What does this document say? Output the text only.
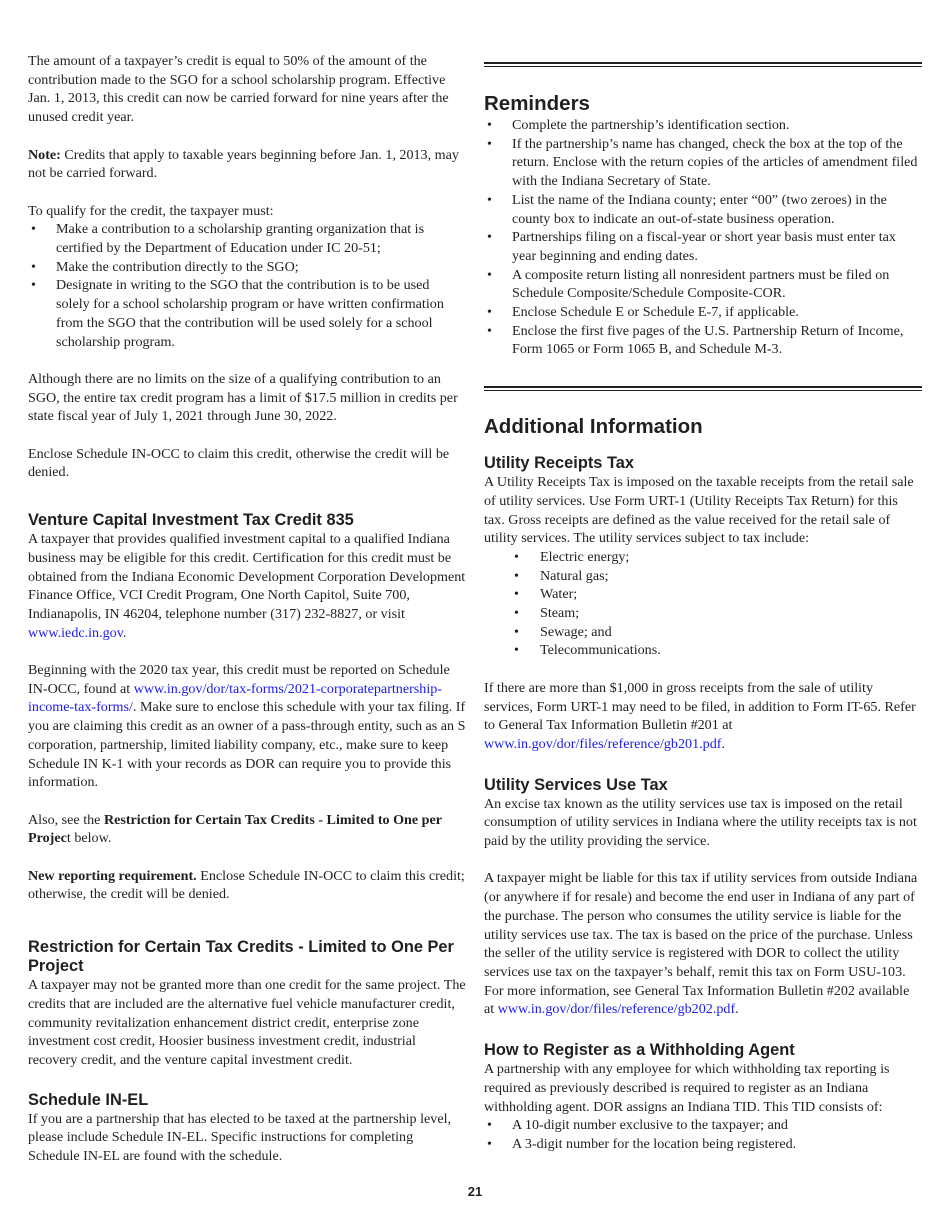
The amount of a taxpayer’s credit is equal to 50% of the amount of the contribution made to the SGO for a school scholarship program. Effective Jan. 1, 2013, this credit can now be carried forward for nine years after the unused credit year.

Note: Credits that apply to taxable years beginning before Jan. 1, 2013, may not be carried forward.

To qualify for the credit, the taxpayer must:

• Make a contribution to a scholarship granting organization that is certified by the Department of Education under IC 20-51;
• Make the contribution directly to the SGO;
• Designate in writing to the SGO that the contribution is to be used solely for a school scholarship program or have written confirmation from the SGO that the contribution will be used solely for a school scholarship program.

Although there are no limits on the size of a qualifying contribution to an SGO, the entire tax credit program has a limit of $17.5 million in credits per state fiscal year of July 1, 2021 through June 30, 2022.

Enclose Schedule IN-OCC to claim this credit, otherwise the credit will be denied.

Venture Capital Investment Tax Credit 835

A taxpayer that provides qualified investment capital to a qualified Indiana business may be eligible for this credit. Certification for this credit must be obtained from the Indiana Economic Development Corporation Development Finance Office, VCI Credit Program, One North Capitol, Suite 700, Indianapolis, IN 46204, telephone number (317) 232-8827, or visit www.iedc.in.gov.

Beginning with the 2020 tax year, this credit must be reported on Schedule IN-OCC, found at www.in.gov/dor/tax-forms/2021-corporatepartnership-income-tax-forms/. Make sure to enclose this schedule with your tax filing. If you are claiming this credit as an owner of a pass-through entity, such as an S corporation, partnership, limited liability company, etc., make sure to keep Schedule IN K-1 with your records as DOR can require you to provide this information.

Also, see the Restriction for Certain Tax Credits - Limited to One per Project below.

New reporting requirement. Enclose Schedule IN-OCC to claim this credit; otherwise, the credit will be denied.

Restriction for Certain Tax Credits - Limited to One Per Project

A taxpayer may not be granted more than one credit for the same project. The credits that are included are the alternative fuel vehicle manufacturer credit, community revitalization enhancement district credit, enterprise zone investment cost credit, Hoosier business investment credit, industrial recovery credit, and the venture capital investment credit.

Schedule IN-EL

If you are a partnership that has elected to be taxed at the partnership level, please include Schedule IN-EL. Specific instructions for completing Schedule IN-EL are found with the schedule.

Reminders
• Complete the partnership’s identification section.
• If the partnership’s name has changed, check the box at the top of the return. Enclose with the return copies of the articles of amendment filed with the Indiana Secretary of State.
• List the name of the Indiana county; enter “00” (two zeroes) in the county box to indicate an out-of-state business operation.
• Partnerships filing on a fiscal-year or short year basis must enter tax year beginning and ending dates.
• A composite return listing all nonresident partners must be filed on Schedule Composite/Schedule Composite-COR.
• Enclose Schedule E or Schedule E-7, if applicable.
• Enclose the first five pages of the U.S. Partnership Return of Income, Form 1065 or Form 1065 B, and Schedule M-3.
Additional Information
Utility Receipts Tax

A Utility Receipts Tax is imposed on the taxable receipts from the retail sale of utility services. Use Form URT-1 (Utility Receipts Tax Return) for this tax. Gross receipts are defined as the value received for the retail sale of utility services. The utility services subject to tax include:

• Electric energy;
• Natural gas;
• Water;
• Steam;
• Sewage; and
• Telecommunications.

If there are more than $1,000 in gross receipts from the sale of utility services, Form URT-1 may need to be filed, in addition to Form IT-65. Refer to General Tax Information Bulletin #201 at www.in.gov/dor/files/reference/gb201.pdf.

Utility Services Use Tax

An excise tax known as the utility services use tax is imposed on the retail consumption of utility services in Indiana where the utility receipts tax is not paid by the utility providing the service.

A taxpayer might be liable for this tax if utility services from outside Indiana (or anywhere if for resale) and become the end user in Indiana of any part of the purchase. The person who consumes the utility service is liable for the utility services use tax. The tax is based on the price of the purchase. Unless the seller of the utility service is registered with DOR to collect the utility services use tax on the taxpayer’s behalf, remit this tax on Form USU-103. For more information, see General Tax Information Bulletin #202 available at www.in.gov/dor/files/reference/gb202.pdf.

How to Register as a Withholding Agent

A partnership with any employee for which withholding tax reporting is required as previously described is required to register as an Indiana withholding agent. DOR assigns an Indiana TID. This TID consists of:

• A 10-digit number exclusive to the taxpayer; and
• A 3-digit number for the location being registered.
21
